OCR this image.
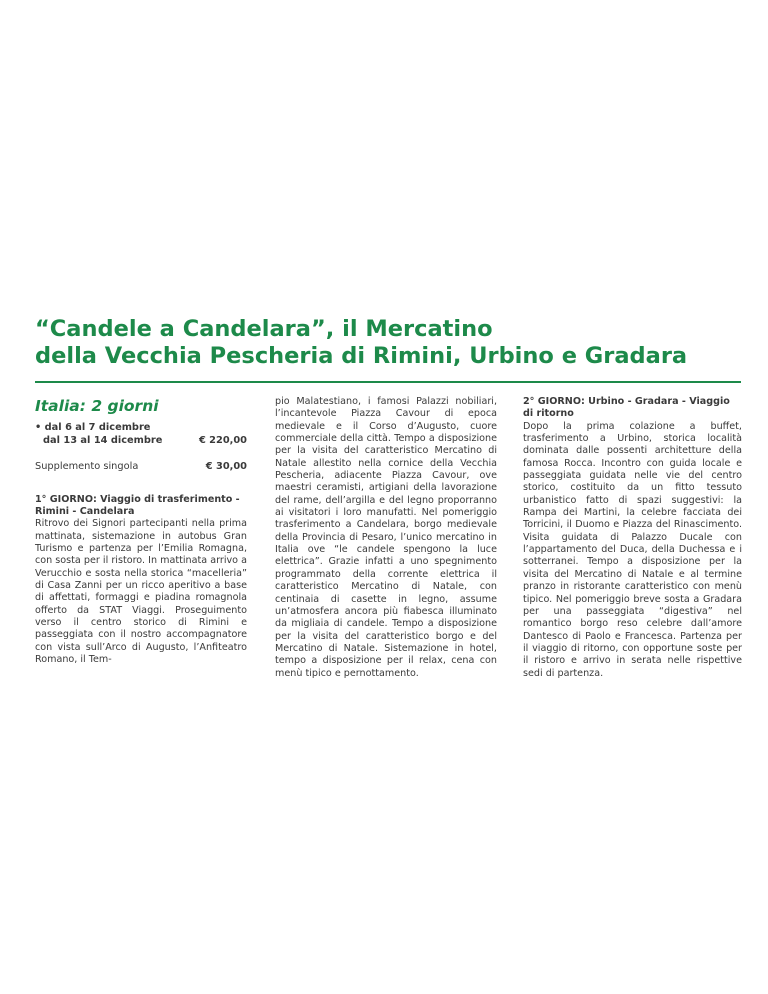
“Candele a Candelara”, il Mercatino
della Vecchia Pescheria di Rimini, Urbino e Gradara
Italia: 2 giorni
• dal 6 al 7 dicembre
dal 13 al 14 dicembre	€ 220,00
Supplemento singola	€ 30,00
1° GIORNO: Viaggio di trasferimento -
Rimini - Candelara

Ritrovo dei Signori partecipanti nella prima mattinata, sistemazione in autobus Gran Turismo e partenza per l’Emilia Romagna, con sosta per il ristoro. In mattinata arrivo a Verucchio e sosta nella storica “macelleria” di Casa Zanni per un ricco aperitivo a base di affettati, formaggi e piadina romagnola offerto da STAT Viaggi. Proseguimento verso il centro storico di Rimini e passeggiata con il nostro accompagnatore con vista sull’Arco di Augusto, l’Anfiteatro Romano, il Tem-

pio Malatestiano, i famosi Palazzi nobiliari, l’incantevole Piazza Cavour di epoca medievale e il Corso d’Augusto, cuore commerciale della città. Tempo a disposizione per la visita del caratteristico Mercatino di Natale allestito nella cornice della Vecchia Pescheria, adiacente Piazza Cavour, ove maestri ceramisti, artigiani della lavorazione del rame, dell’argilla e del legno proporranno ai visitatori i loro manufatti. Nel pomeriggio trasferimento a Candelara, borgo medievale della Provincia di Pesaro, l’unico mercatino in Italia ove “le candele spengono la luce elettrica”. Grazie infatti a uno spegnimento programmato della corrente elettrica il caratteristico Mercatino di Natale, con centinaia di casette in legno, assume un’atmosfera ancora più fiabesca illuminato da migliaia di candele. Tempo a disposizione per la visita del caratteristico borgo e del Mercatino di Natale. Sistemazione in hotel, tempo a disposizione per il relax, cena con menù tipico e pernottamento.

2° GIORNO: Urbino - Gradara - Viaggio
di ritorno

Dopo la prima colazione a buffet, trasferimento a Urbino, storica località dominata dalle possenti architetture della famosa Rocca. Incontro con guida locale e passeggiata guidata nelle vie del centro storico, costituito da un fitto tessuto urbanistico fatto di spazi suggestivi: la Rampa dei Martini, la celebre facciata dei Torricini, il Duomo e Piazza del Rinascimento. Visita guidata di Palazzo Ducale con l’appartamento del Duca, della Duchessa e i sotterranei. Tempo a disposizione per la visita del Mercatino di Natale e al termine pranzo in ristorante caratteristico con menù tipico. Nel pomeriggio breve sosta a Gradara per una passeggiata “digestiva” nel romantico borgo reso celebre dall’amore Dantesco di Paolo e Francesca. Partenza per il viaggio di ritorno, con opportune soste per il ristoro e arrivo in serata nelle rispettive sedi di partenza.
